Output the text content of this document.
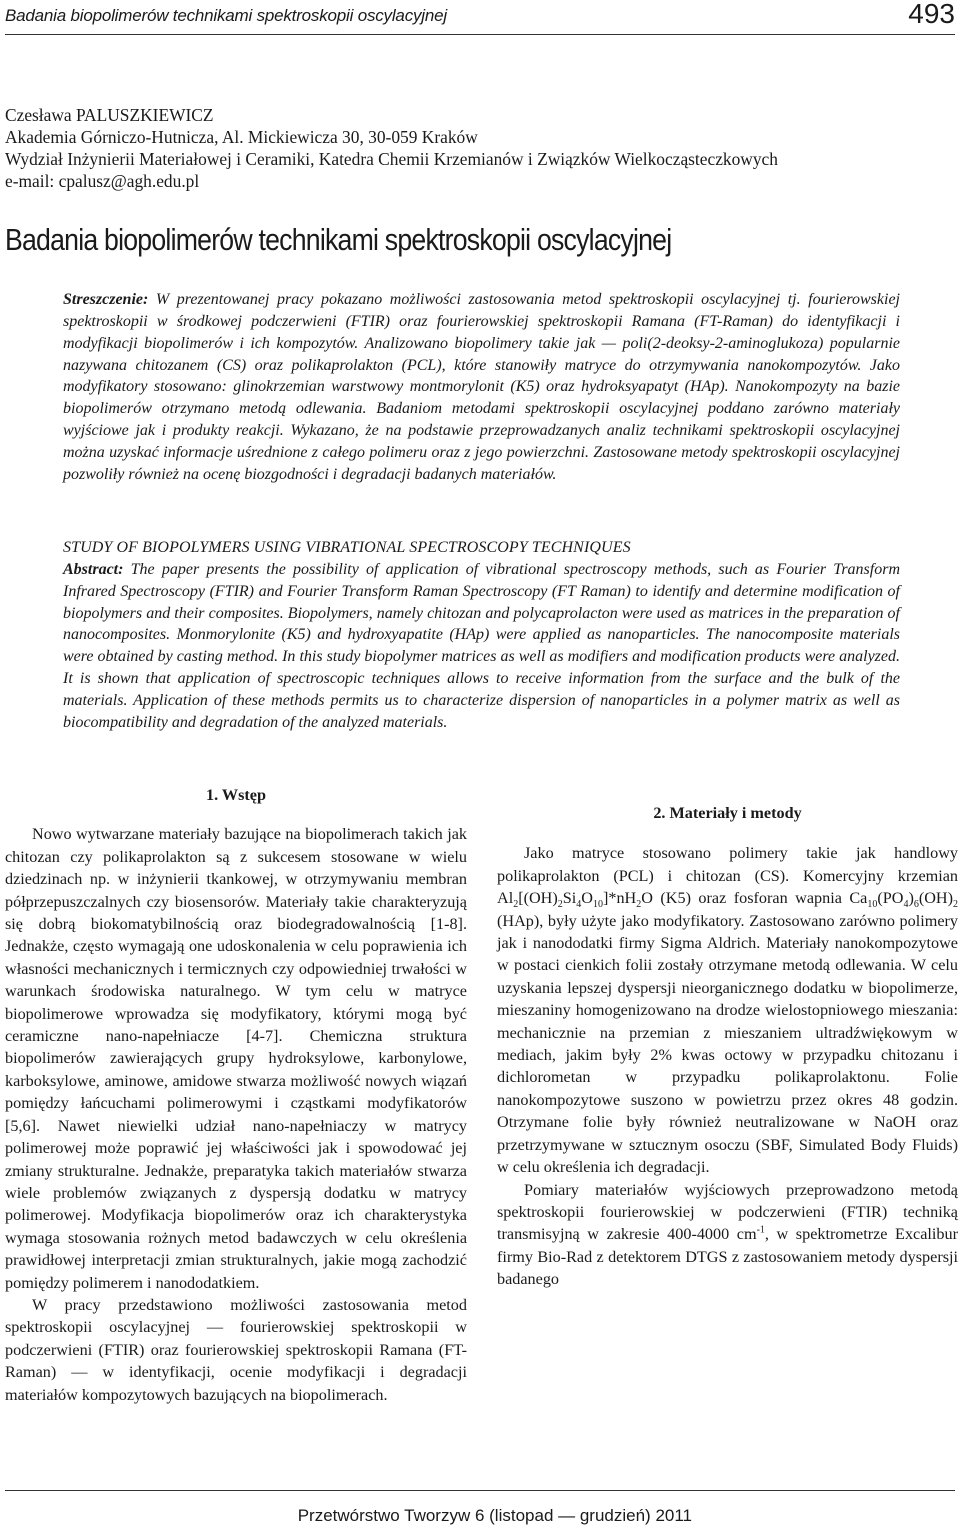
Badania biopolimerów technikami spektroskopii oscylacyjnej	493
Czesława PALUSZKIEWICZ
Akademia Górniczo-Hutnicza, Al. Mickiewicza 30, 30-059 Kraków
Wydział Inżynierii Materiałowej i Ceramiki, Katedra Chemii Krzemianów i Związków Wielkocząsteczkowych
e-mail: cpalusz@agh.edu.pl
Badania biopolimerów technikami spektroskopii oscylacyjnej
Streszczenie: W prezentowanej pracy pokazano możliwości zastosowania metod spektroskopii oscylacyjnej tj. fourierowskiej spektroskopii w środkowej podczerwieni (FTIR) oraz fourierowskiej spektroskopii Ramana (FT-Raman) do identyfikacji i modyfikacji biopolimerów i ich kompozytów. Analizowano biopolimery takie jak — poli(2-deoksy-2-aminoglukoza) popularnie nazywana chitozanem (CS) oraz polikaprolakton (PCL), które stanowiły matryce do otrzymywania nanokompozytów. Jako modyfikatory stosowano: glinokrzemian warstwowy montmorylonit (K5) oraz hydroksyapatyt (HAp). Nanokompozyty na bazie biopolimerów otrzymano metodą odlewania. Badaniom metodami spektroskopii oscylacyjnej poddano zarówno materiały wyjściowe jak i produkty reakcji. Wykazano, że na podstawie przeprowadzanych analiz technikami spektroskopii oscylacyjnej można uzyskać informacje uśrednione z całego polimeru oraz z jego powierzchni. Zastosowane metody spektroskopii oscylacyjnej pozwoliły również na ocenę biozgodności i degradacji badanych materiałów.
STUDY OF BIOPOLYMERS USING VIBRATIONAL SPECTROSCOPY TECHNIQUES
Abstract: The paper presents the possibility of application of vibrational spectroscopy methods, such as Fourier Transform Infrared Spectroscopy (FTIR) and Fourier Transform Raman Spectroscopy (FT Raman) to identify and determine modification of biopolymers and their composites. Biopolymers, namely chitozan and polycaprolacton were used as matrices in the preparation of nanocomposites. Monmorylonite (K5) and hydroxyapatite (HAp) were applied as nanoparticles. The nanocomposite materials were obtained by casting method. In this study biopolymer matrices as well as modifiers and modification products were analyzed. It is shown that application of spectroscopic techniques allows to receive information from the surface and the bulk of the materials. Application of these methods permits us to characterize dispersion of nanoparticles in a polymer matrix as well as biocompatibility and degradation of the analyzed materials.
1. Wstęp

Nowo wytwarzane materiały bazujące na biopolimerach takich jak chitozan czy polikaprolakton są z sukcesem stosowane w wielu dziedzinach np. w inżynierii tkankowej, w otrzymywaniu membran półprzepuszczalnych czy biosensorów. Materiały takie charakteryzują się dobrą biokomatybilnością oraz biodegradowalnością [1-8]. Jednakże, często wymagają one udoskonalenia w celu poprawienia ich własności mechanicznych i termicznych czy odpowiedniej trwałości w warunkach środowiska naturalnego. W tym celu w matryce biopolimerowe wprowadza się modyfikatory, którymi mogą być ceramiczne nano-napełniacze [4-7]. Chemiczna struktura biopolimerów zawierających grupy hydroksylowe, karbonylowe, karboksylowe, aminowe, amidowe stwarza możliwość nowych wiązań pomiędzy łańcuchami polimerowymi i cząstkami modyfikatorów [5,6]. Nawet niewielki udział nano-napełniaczy w matrycy polimerowej może poprawić jej właściwości jak i spowodować jej zmiany strukturalne. Jednakże, preparatyka takich materiałów stwarza wiele problemów związanych z dyspersją dodatku w matrycy polimerowej. Modyfikacja biopolimerów oraz ich charakterystyka wymaga stosowania rożnych metod badawczych w celu określenia prawidłowej interpretacji zmian strukturalnych, jakie mogą zachodzić pomiędzy polimerem i nanododatkiem.

W pracy przedstawiono możliwości zastosowania metod spektroskopii oscylacyjnej — fourierowskiej spektroskopii w podczerwieni (FTIR) oraz fourierowskiej spektroskopii Ramana (FT-Raman) — w identyfikacji, ocenie modyfikacji i degradacji materiałów kompozytowych bazujących na biopolimerach.

2. Materiały i metody

Jako matryce stosowano polimery takie jak handlowy polikaprolakton (PCL) i chitozan (CS). Komercyjny krzemian $Al_2[(OH)_2Si_4O_{10}]*nH_2O$ (K5) oraz fosforan wapnia $Ca_{10}(PO_4)_6(OH)_2$ (HAp), były użyte jako modyfikatory. Zastosowano zarówno polimery jak i nanododatki firmy Sigma Aldrich. Materiały nanokompozytowe w postaci cienkich folii zostały otrzymane metodą odlewania. W celu uzyskania lepszej dyspersji nieorganicznego dodatku w biopolimerze, mieszaniny homogenizowano na drodze wielostopniowego mieszania: mechanicznie na przemian z mieszaniem ultradźwiękowym w mediach, jakim były 2% kwas octowy w przypadku chitozanu i dichlorometan w przypadku polikaprolaktonu. Folie nanokompozytowe suszono w powietrzu przez okres 48 godzin. Otrzymane folie były również neutralizowane w NaOH oraz przetrzymywane w sztucznym osoczu (SBF, Simulated Body Fluids) w celu określenia ich degradacji.

Pomiary materiałów wyjściowych przeprowadzono metodą spektroskopii fourierowskiej w podczerwieni (FTIR) techniką transmisyjną w zakresie 400-4000 $cm^{-1}$, w spektrometrze Excalibur firmy Bio-Rad z detektorem DTGS z zastosowaniem metody dyspersji badanego

Przetwórstwo Tworzyw 6 (listopad — grudzień) 2011
